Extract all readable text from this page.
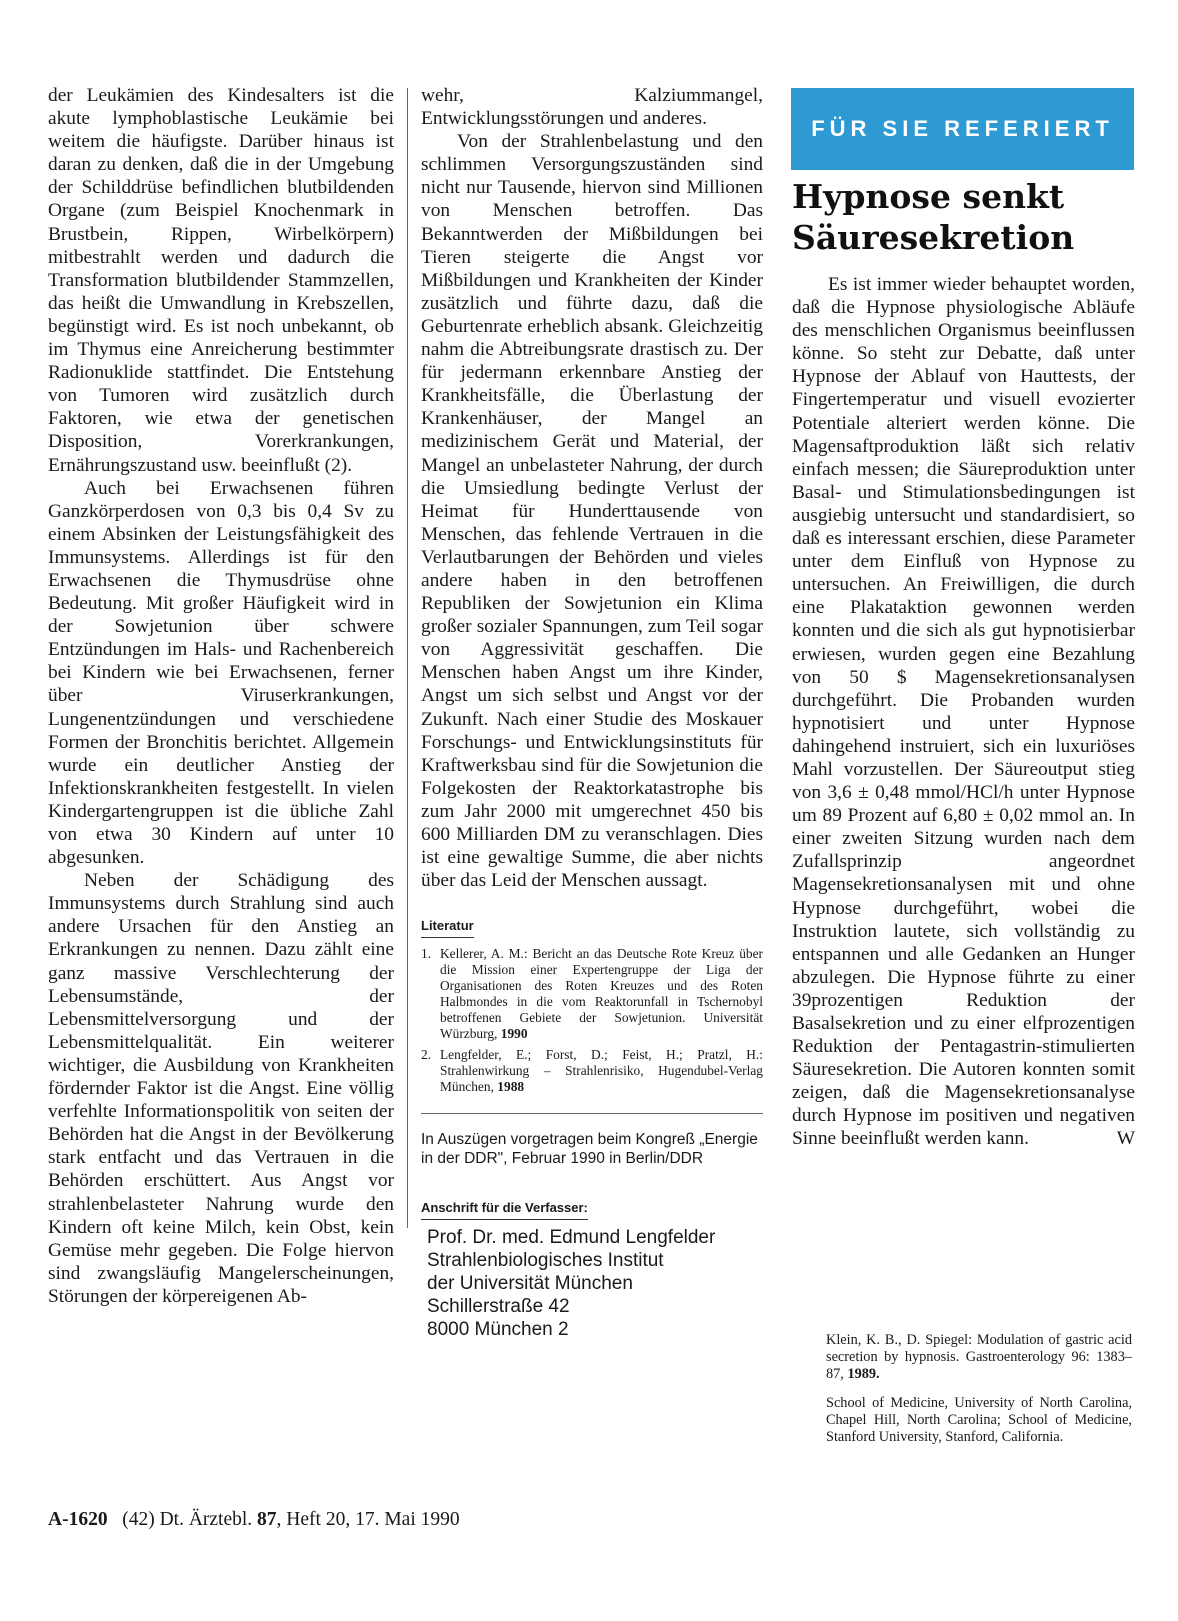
der Leukämien des Kindesalters ist die akute lymphoblastische Leukämie bei weitem die häufigste. Darüber hinaus ist daran zu denken, daß die in der Umgebung der Schilddrüse befindlichen blutbildenden Organe (zum Beispiel Knochenmark in Brustbein, Rippen, Wirbelkörpern) mitbestrahlt werden und dadurch die Transformation blutbildender Stammzellen, das heißt die Umwandlung in Krebszellen, begünstigt wird. Es ist noch unbekannt, ob im Thymus eine Anreicherung bestimmter Radionuklide stattfindet. Die Entstehung von Tumoren wird zusätzlich durch Faktoren, wie etwa der genetischen Disposition, Vorerkrankungen, Ernährungszustand usw. beeinflußt (2).

Auch bei Erwachsenen führen Ganzkörperdosen von 0,3 bis 0,4 Sv zu einem Absinken der Leistungsfähigkeit des Immunsystems. Allerdings ist für den Erwachsenen die Thymusdrüse ohne Bedeutung. Mit großer Häufigkeit wird in der Sowjetunion über schwere Entzündungen im Hals- und Rachenbereich bei Kindern wie bei Erwachsenen, ferner über Viruserkrankungen, Lungenentzündungen und verschiedene Formen der Bronchitis berichtet. Allgemein wurde ein deutlicher Anstieg der Infektionskrankheiten festgestellt. In vielen Kindergartengruppen ist die übliche Zahl von etwa 30 Kindern auf unter 10 abgesunken.

Neben der Schädigung des Immunsystems durch Strahlung sind auch andere Ursachen für den Anstieg an Erkrankungen zu nennen. Dazu zählt eine ganz massive Verschlechterung der Lebensumstände, der Lebensmittelversorgung und der Lebensmittelqualität. Ein weiterer wichtiger, die Ausbildung von Krankheiten fördernder Faktor ist die Angst. Eine völlig verfehlte Informationspolitik von seiten der Behörden hat die Angst in der Bevölkerung stark entfacht und das Vertrauen in die Behörden erschüttert. Aus Angst vor strahlenbelasteter Nahrung wurde den Kindern oft keine Milch, kein Obst, kein Gemüse mehr gegeben. Die Folge hiervon sind zwangsläufig Mangelerscheinungen, Störungen der körpereigenen Ab-

wehr, Kalziummangel, Entwicklungsstörungen und anderes.

Von der Strahlenbelastung und den schlimmen Versorgungszuständen sind nicht nur Tausende, hiervon sind Millionen von Menschen betroffen. Das Bekanntwerden der Mißbildungen bei Tieren steigerte die Angst vor Mißbildungen und Krankheiten der Kinder zusätzlich und führte dazu, daß die Geburtenrate erheblich absank. Gleichzeitig nahm die Abtreibungsrate drastisch zu. Der für jedermann erkennbare Anstieg der Krankheitsfälle, die Überlastung der Krankenhäuser, der Mangel an medizinischem Gerät und Material, der Mangel an unbelasteter Nahrung, der durch die Umsiedlung bedingte Verlust der Heimat für Hunderttausende von Menschen, das fehlende Vertrauen in die Verlautbarungen der Behörden und vieles andere haben in den betroffenen Republiken der Sowjetunion ein Klima großer sozialer Spannungen, zum Teil sogar von Aggressivität geschaffen. Die Menschen haben Angst um ihre Kinder, Angst um sich selbst und Angst vor der Zukunft. Nach einer Studie des Moskauer Forschungs- und Entwicklungsinstituts für Kraftwerksbau sind für die Sowjetunion die Folgekosten der Reaktorkatastrophe bis zum Jahr 2000 mit umgerechnet 450 bis 600 Milliarden DM zu veranschlagen. Dies ist eine gewaltige Summe, die aber nichts über das Leid der Menschen aussagt.

Literatur
1. Kellerer, A. M.: Bericht an das Deutsche Rote Kreuz über die Mission einer Expertengruppe der Liga der Organisationen des Roten Kreuzes und des Roten Halbmondes in die vom Reaktorunfall in Tschernobyl betroffenen Gebiete der Sowjetunion. Universität Würzburg, 1990
2. Lengfelder, E.; Forst, D.; Feist, H.; Pratzl, H.: Strahlenwirkung – Strahlenrisiko, Hugendubel-Verlag München, 1988
In Auszügen vorgetragen beim Kongreß „Energie in der DDR", Februar 1990 in Berlin/DDR
Anschrift für die Verfasser:
Prof. Dr. med. Edmund Lengfelder
Strahlenbiologisches Institut
der Universität München
Schillerstraße 42
8000 München 2
FÜR SIE REFERIERT
Hypnose senkt Säuresekretion

Es ist immer wieder behauptet worden, daß die Hypnose physiologische Abläufe des menschlichen Organismus beeinflussen könne. So steht zur Debatte, daß unter Hypnose der Ablauf von Hauttests, der Fingertemperatur und visuell evozierter Potentiale alteriert werden könne. Die Magensaftproduktion läßt sich relativ einfach messen; die Säureproduktion unter Basal- und Stimulationsbedingungen ist ausgiebig untersucht und standardisiert, so daß es interessant erschien, diese Parameter unter dem Einfluß von Hypnose zu untersuchen. An Freiwilligen, die durch eine Plakataktion gewonnen werden konnten und die sich als gut hypnotisierbar erwiesen, wurden gegen eine Bezahlung von 50 $ Magensekretionsanalysen durchgeführt. Die Probanden wurden hypnotisiert und unter Hypnose dahingehend instruiert, sich ein luxuriöses Mahl vorzustellen. Der Säureoutput stieg von 3,6 ± 0,48 mmol/HCl/h unter Hypnose um 89 Prozent auf 6,80 ± 0,02 mmol an. In einer zweiten Sitzung wurden nach dem Zufallsprinzip angeordnet Magensekretionsanalysen mit und ohne Hypnose durchgeführt, wobei die Instruktion lautete, sich vollständig zu entspannen und alle Gedanken an Hunger abzulegen. Die Hypnose führte zu einer 39prozentigen Reduktion der Basalsekretion und zu einer elfprozentigen Reduktion der Pentagastrin-stimulierten Säuresekretion. Die Autoren konnten somit zeigen, daß die Magensekretionsanalyse durch Hypnose im positiven und negativen Sinne beeinflußt werden kann.	W

Klein, K. B., D. Spiegel: Modulation of gastric acid secretion by hypnosis. Gastroenterology 96: 1383–87, 1989.

School of Medicine, University of North Carolina, Chapel Hill, North Carolina; School of Medicine, Stanford University, Stanford, California.

A-1620 (42) Dt. Ärztebl. 87, Heft 20, 17. Mai 1990
